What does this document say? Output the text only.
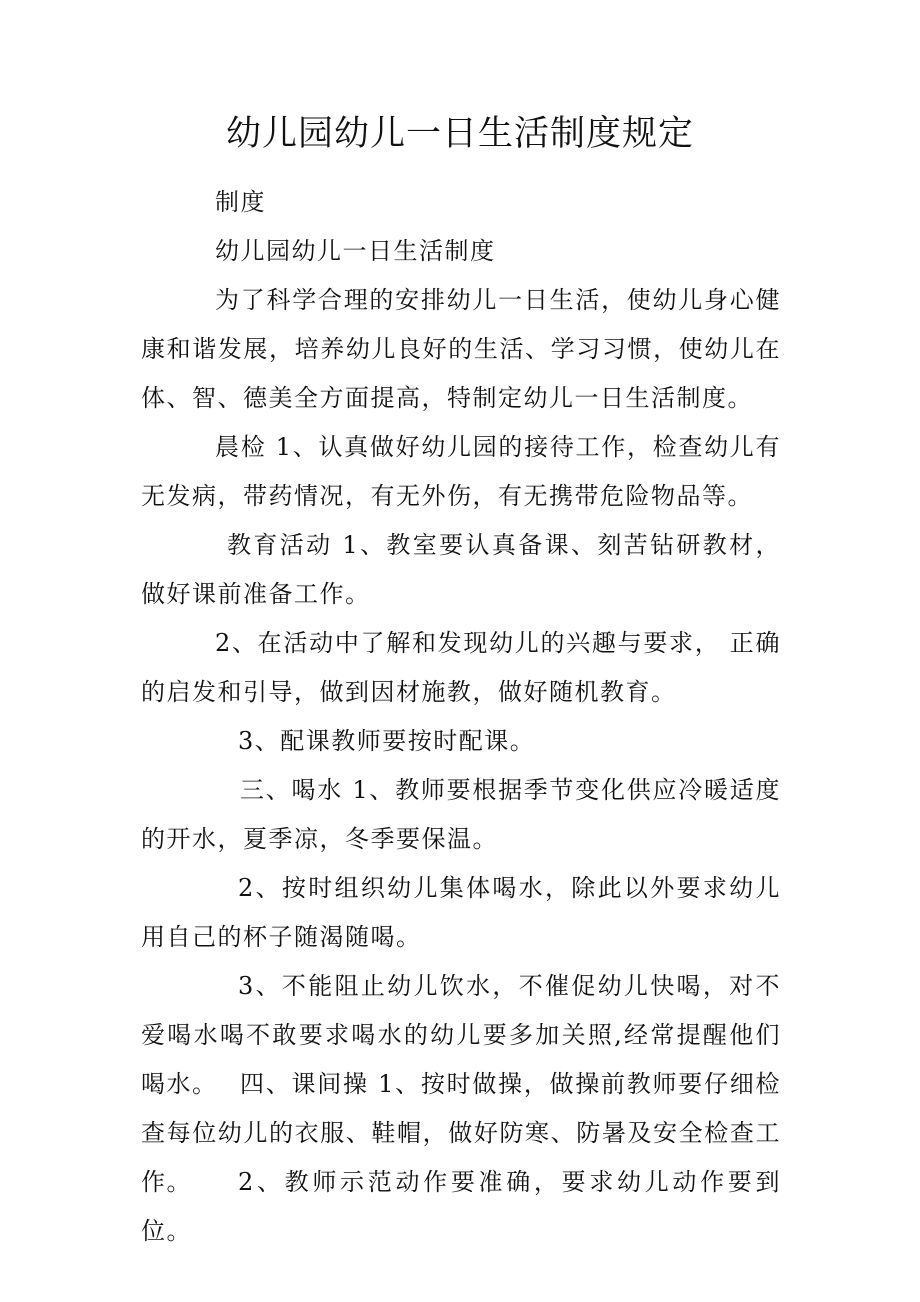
幼儿园幼儿一日生活制度规定

制度

幼儿园幼儿一日生活制度

为了科学合理的安排幼儿一日生活，使幼儿身心健康和谐发展，培养幼儿良好的生活、学习习惯，使幼儿在体、智、德美全方面提高，特制定幼儿一日生活制度。

晨检 1、认真做好幼儿园的接待工作，检查幼儿有无发病，带药情况，有无外伤，有无携带危险物品等。

教育活动 1、教室要认真备课、刻苦钻研教材，做好课前准备工作。

2、在活动中了解和发现幼儿的兴趣与要求， 正确的启发和引导，做到因材施教，做好随机教育。

3、配课教师要按时配课。

三、喝水 1、教师要根据季节变化供应冷暖适度的开水，夏季凉，冬季要保温。

2、按时组织幼儿集体喝水，除此以外要求幼儿用自己的杯子随渴随喝。

3、不能阻止幼儿饮水，不催促幼儿快喝，对不爱喝水喝不敢要求喝水的幼儿要多加关照,经常提醒他们喝水。 四、课间操 1、按时做操，做操前教师要仔细检查每位幼儿的衣服、鞋帽，做好防寒、防暑及安全检查工作。	2、教师示范动作要准确，要求幼儿动作要到位。
